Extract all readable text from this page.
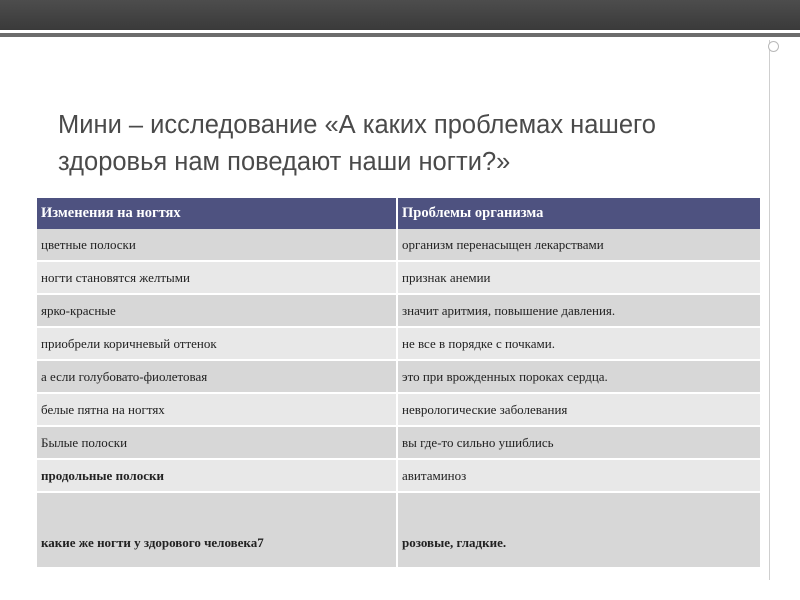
Мини – исследование «А каких проблемах нашего здоровья нам поведают наши ногти?»
Изменения на ногтях	Проблемы организма
цветные полоски	организм перенасыщен лекарствами
ногти становятся желтыми	признак анемии
ярко-красные	значит аритмия, повышение давления.
приобрели коричневый оттенок	не все в порядке с почками.
а если голубовато-фиолетовая	это при врожденных пороках сердца.
белые пятна на ногтях	неврологические заболевания
Былые полоски	вы где-то сильно ушиблись
продольные полоски	авитаминоз
какие же ногти у здорового человека7	розовые, гладкие.
